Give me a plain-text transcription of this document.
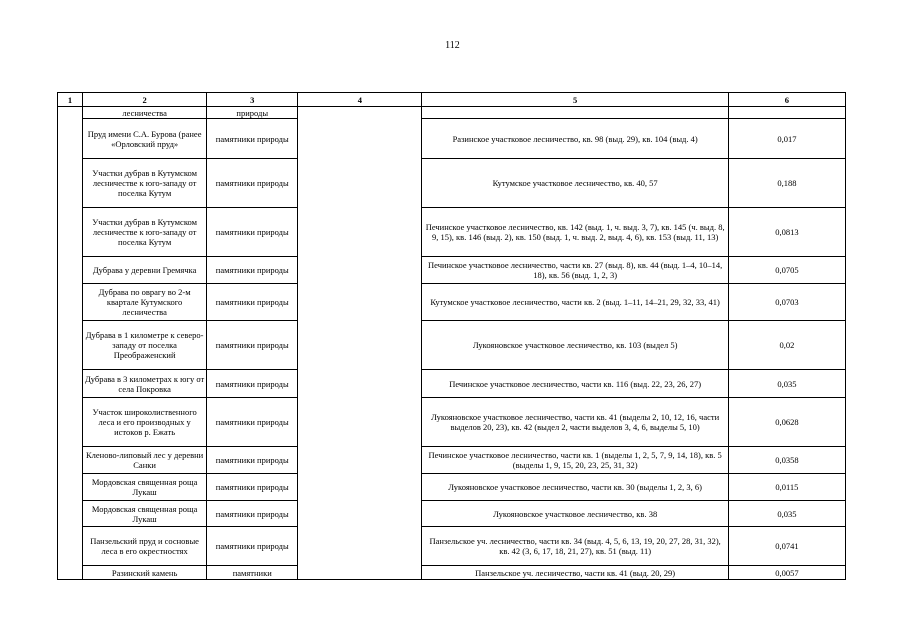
112
1	2	3	4	5	6
	лесничества	природы			
	Пруд имени С.А. Бурова (ранее «Орловский пруд»	памятники природы		Разинское участковое лесничество, кв. 98 (выд. 29), кв. 104 (выд. 4)	0,017
	Участки дубрав в Кутумском лесничестве к юго-западу от поселка Кутум	памятники природы		Кутумское участковое лесничество, кв. 40, 57	0,188
	Участки дубрав в Кутумском лесничестве к юго-западу от поселка Кутум	памятники природы		Печинское участковое лесничество, кв. 142 (выд. 1, ч. выд. 3, 7), кв. 145 (ч. выд. 8, 9, 15), кв. 146 (выд. 2), кв. 150 (выд. 1, ч. выд. 2, выд. 4, 6), кв. 153 (выд. 11, 13)	0,0813
	Дубрава у деревни Гремячка	памятники природы		Печинское участковое лесничество, части кв. 27 (выд. 8), кв. 44 (выд. 1–4, 10–14, 18), кв. 56 (выд. 1, 2, 3)	0,0705
	Дубрава по оврагу во 2-м квартале Кутумского лесничества	памятники природы		Кутумское участковое лесничество, части кв. 2 (выд. 1–11, 14–21, 29, 32, 33, 41)	0,0703
	Дубрава в 1 километре к северо-западу от поселка Преображенский	памятники природы		Лукояновское участковое лесничество, кв. 103 (выдел 5)	0,02
	Дубрава в 3 километрах к югу от села Покровка	памятники природы		Печинское участковое лесничество, части кв. 116 (выд. 22, 23, 26, 27)	0,035
	Участок широколиственного леса и его производных у истоков р. Ежать	памятники природы		Лукояновское участковое лесничество, части кв. 41 (выделы 2, 10, 12, 16, части выделов 20, 23), кв. 42 (выдел 2, части выделов 3, 4, 6, выделы 5, 10)	0,0628
	Кленово-липовый лес у деревни Санки	памятники природы		Печинское участковое лесничество, части кв. 1 (выделы 1, 2, 5, 7, 9, 14, 18), кв. 5 (выделы 1, 9, 15, 20, 23, 25, 31, 32)	0,0358
	Мордовская священная роща Лукаш	памятники природы		Лукояновское участковое лесничество, части кв. 30 (выделы 1, 2, 3, 6)	0,0115
	Мордовская священная роща Лукаш	памятники природы		Лукояновское участковое лесничество, кв. 38	0,035
	Панзельский пруд и сосновые леса в его окрестностях	памятники природы		Панзельское уч. лесничество, части кв. 34 (выд. 4, 5, 6, 13, 19, 20, 27, 28, 31, 32), кв. 42 (3, 6, 17, 18, 21, 27), кв. 51 (выд. 11)	0,0741
	Разинский камень	памятники		Панзельское уч. лесничество, части кв. 41 (выд. 20, 29)	0,0057
